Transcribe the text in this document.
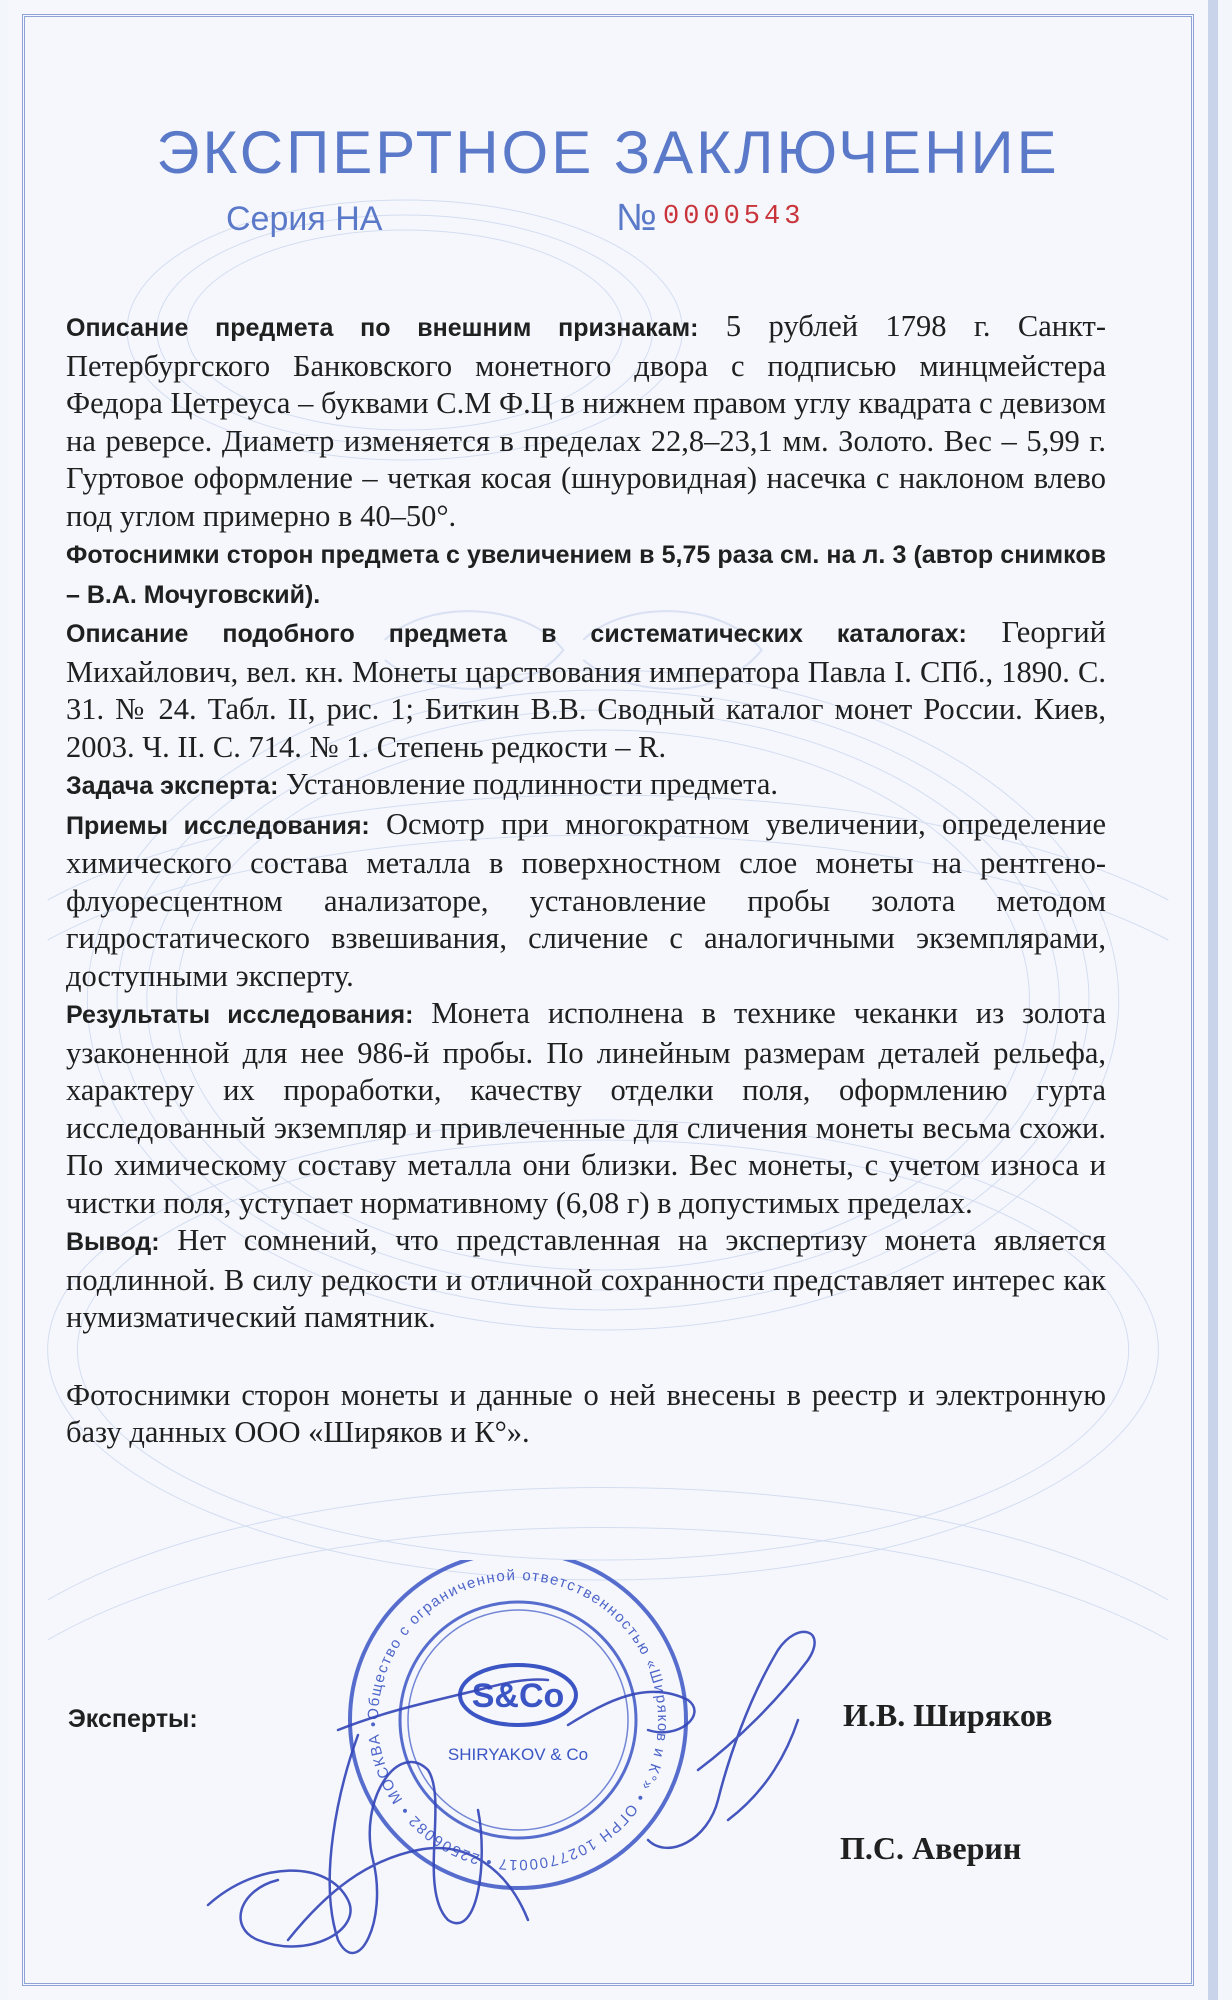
ЭКСПЕРТНОЕ ЗАКЛЮЧЕНИЕ
Серия НА	№ 0000543

Описание предмета по внешним признакам: 5 рублей 1798 г. Санкт-Петербургского Банковского монетного двора с подписью минцмейстера Федора Цетреуса – буквами С.М Ф.Ц в нижнем правом углу квадрата с девизом на реверсе. Диаметр изменяется в пределах 22,8–23,1 мм. Золото. Вес – 5,99 г. Гуртовое оформление – четкая косая (шнуровидная) насечка с наклоном влево под углом примерно в 40–50°.

Фотоснимки сторон предмета с увеличением в 5,75 раза см. на л. 3 (автор снимков – В.А. Мочуговский).

Описание подобного предмета в систематических каталогах: Георгий Михайлович, вел. кн. Монеты царствования императора Павла I. СПб., 1890. С. 31. № 24. Табл. II, рис. 1; Биткин В.В. Сводный каталог монет России. Киев, 2003. Ч. II. С. 714. № 1. Степень редкости – R.

Задача эксперта: Установление подлинности предмета.

Приемы исследования: Осмотр при многократном увеличении, определение химического состава металла в поверхностном слое монеты на рентгено-флуоресцентном анализаторе, установление пробы золота методом гидростатического взвешивания, сличение с аналогичными экземплярами, доступными эксперту.

Результаты исследования: Монета исполнена в технике чеканки из золота узаконенной для нее 986-й пробы. По линейным размерам деталей рельефа, характеру их проработки, качеству отделки поля, оформлению гурта исследованный экземпляр и привлеченные для сличения монеты весьма схожи. По химическому составу металла они близки. Вес монеты, с учетом износа и чистки поля, уступает нормативному (6,08 г) в допустимых пределах.

Вывод: Нет сомнений, что представленная на экспертизу монета является подлинной. В силу редкости и отличной сохранности представляет интерес как нумизматический памятник.

Фотоснимки сторон монеты и данные о ней внесены в реестр и электронную базу данных ООО «Ширяков и К°».

Общество с ограниченной ответственностью «Ширяков и К°» • ОГРН 1027700017 • 22506082 • МОСКВА •
S&Co
SHIRYAKOV & Co
Эксперты:	И.В. Ширяков
П.С. Аверин
